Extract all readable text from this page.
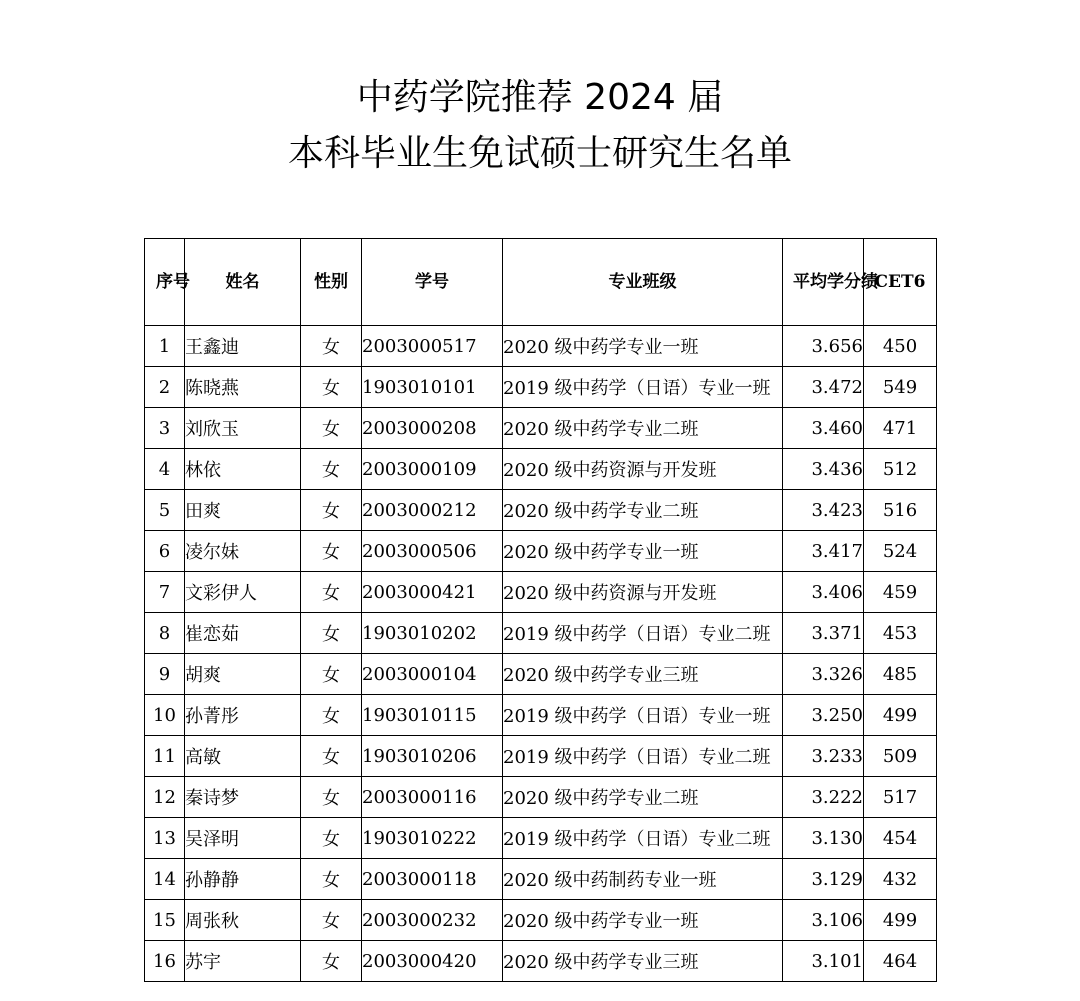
中药学院推荐 2024 届
本科毕业生免试硕士研究生名单
序号	姓名	性别	学号	专业班级	平均学分绩	CET6
1	王鑫迪	女	2003000517	2020 级中药学专业一班	3.656	450
2	陈晓燕	女	1903010101	2019 级中药学（日语）专业一班	3.472	549
3	刘欣玉	女	2003000208	2020 级中药学专业二班	3.460	471
4	林依	女	2003000109	2020 级中药资源与开发班	3.436	512
5	田爽	女	2003000212	2020 级中药学专业二班	3.423	516
6	凌尔妹	女	2003000506	2020 级中药学专业一班	3.417	524
7	文彩伊人	女	2003000421	2020 级中药资源与开发班	3.406	459
8	崔恋茹	女	1903010202	2019 级中药学（日语）专业二班	3.371	453
9	胡爽	女	2003000104	2020 级中药学专业三班	3.326	485
10	孙菁彤	女	1903010115	2019 级中药学（日语）专业一班	3.250	499
11	高敏	女	1903010206	2019 级中药学（日语）专业二班	3.233	509
12	秦诗梦	女	2003000116	2020 级中药学专业二班	3.222	517
13	吴泽明	女	1903010222	2019 级中药学（日语）专业二班	3.130	454
14	孙静静	女	2003000118	2020 级中药制药专业一班	3.129	432
15	周张秋	女	2003000232	2020 级中药学专业一班	3.106	499
16	苏宇	女	2003000420	2020 级中药学专业三班	3.101	464
